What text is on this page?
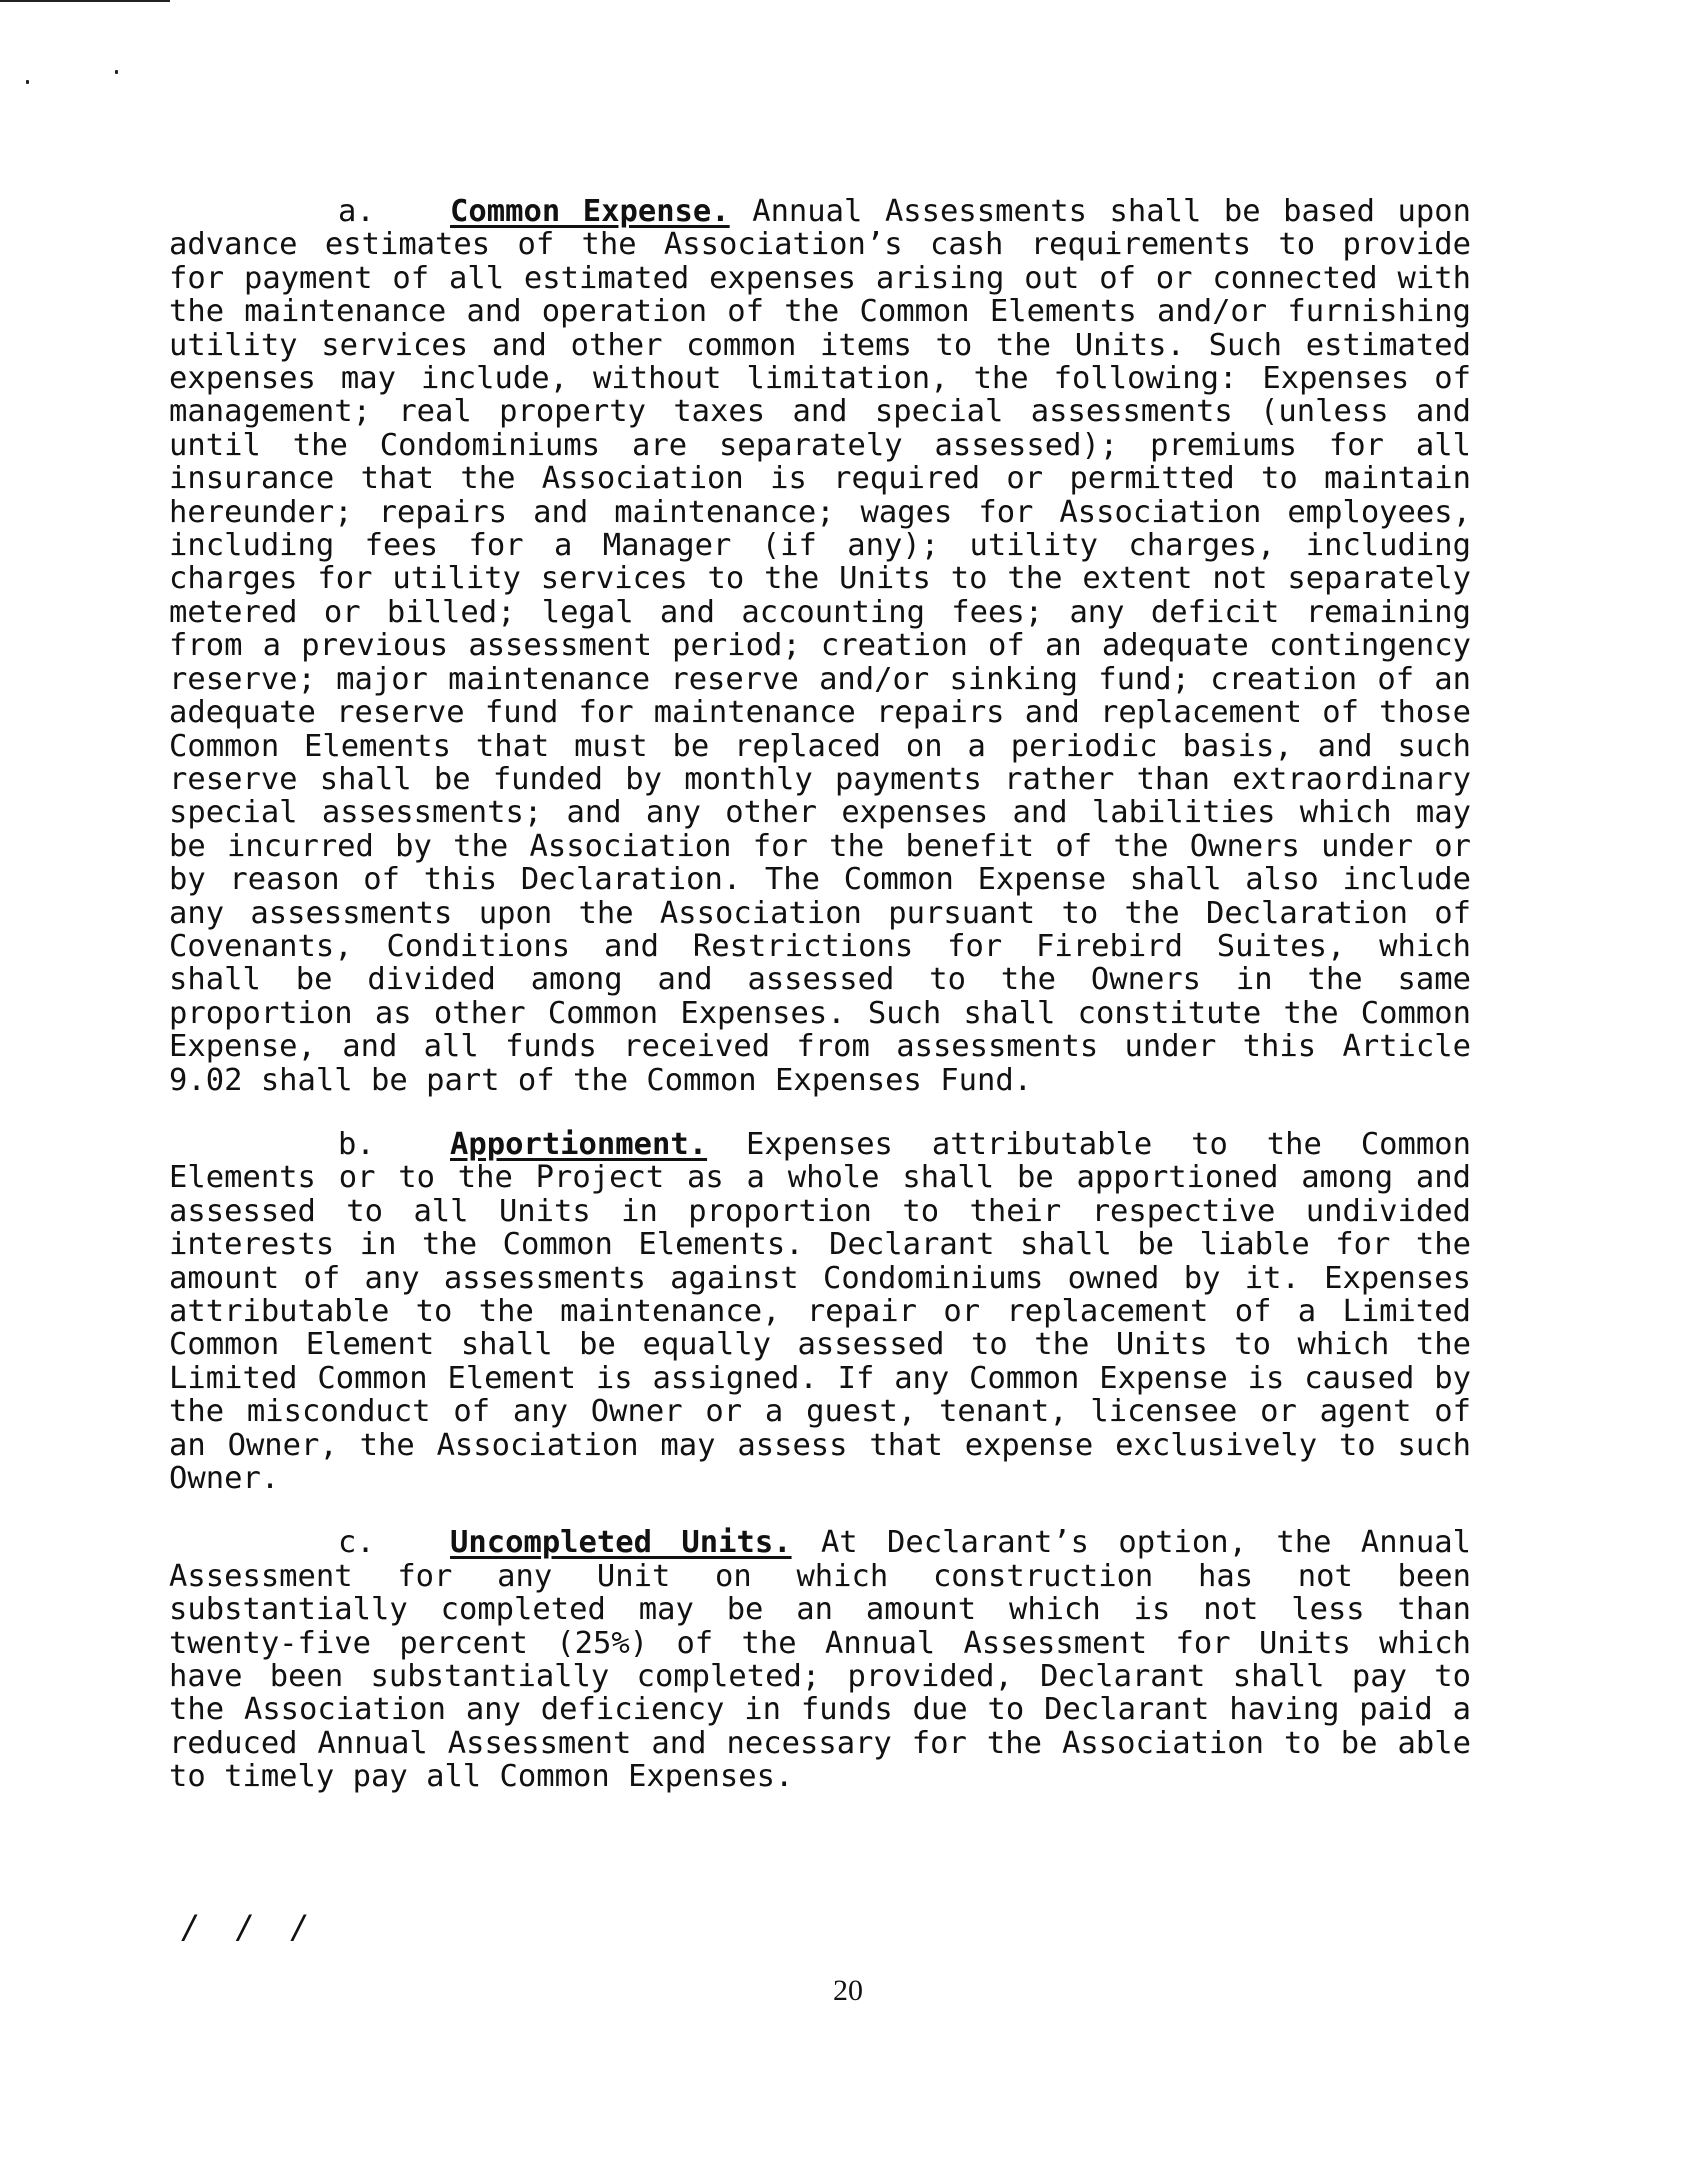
a. Common Expense. Annual Assessments shall be based upon advance estimates of the Association’s cash requirements to provide for payment of all estimated expenses arising out of or connected with the maintenance and operation of the Common Elements and/or furnishing utility services and other common items to the Units. Such estimated expenses may include, without limitation, the following: Expenses of management; real property taxes and special assessments (unless and until the Condominiums are separately assessed); premiums for all insurance that the Association is required or permitted to maintain hereunder; repairs and maintenance; wages for Association employees, including fees for a Manager (if any); utility charges, including charges for utility services to the Units to the extent not separately metered or billed; legal and accounting fees; any deficit remaining from a previous assessment period; creation of an adequate contingency reserve; major maintenance reserve and/or sinking fund; creation of an adequate reserve fund for maintenance repairs and replacement of those Common Elements that must be replaced on a periodic basis, and such reserve shall be funded by monthly payments rather than extraordinary special assessments; and any other expenses and labilities which may be incurred by the Association for the benefit of the Owners under or by reason of this Declaration. The Common Expense shall also include any assessments upon the Association pursuant to the Declaration of Covenants, Conditions and Restrictions for Firebird Suites, which shall be divided among and assessed to the Owners in the same proportion as other Common Expenses. Such shall constitute the Common Expense, and all funds received from assessments under this Article 9.02 shall be part of the Common Expenses Fund.

b. Apportionment. Expenses attributable to the Common Elements or to the Project as a whole shall be apportioned among and assessed to all Units in proportion to their respective undivided interests in the Common Elements. Declarant shall be liable for the amount of any assessments against Condominiums owned by it. Expenses attributable to the maintenance, repair or replacement of a Limited Common Element shall be equally assessed to the Units to which the Limited Common Element is assigned. If any Common Expense is caused by the misconduct of any Owner or a guest, tenant, licensee or agent of an Owner, the Association may assess that expense exclusively to such Owner.

c. Uncompleted Units. At Declarant’s option, the Annual Assessment for any Unit on which construction has not been substantially completed may be an amount which is not less than twenty-five percent (25%) of the Annual Assessment for Units which have been substantially completed; provided, Declarant shall pay to the Association any deficiency in funds due to Declarant having paid a reduced Annual Assessment and necessary for the Association to be able to timely pay all Common Expenses.

/ / /
20
